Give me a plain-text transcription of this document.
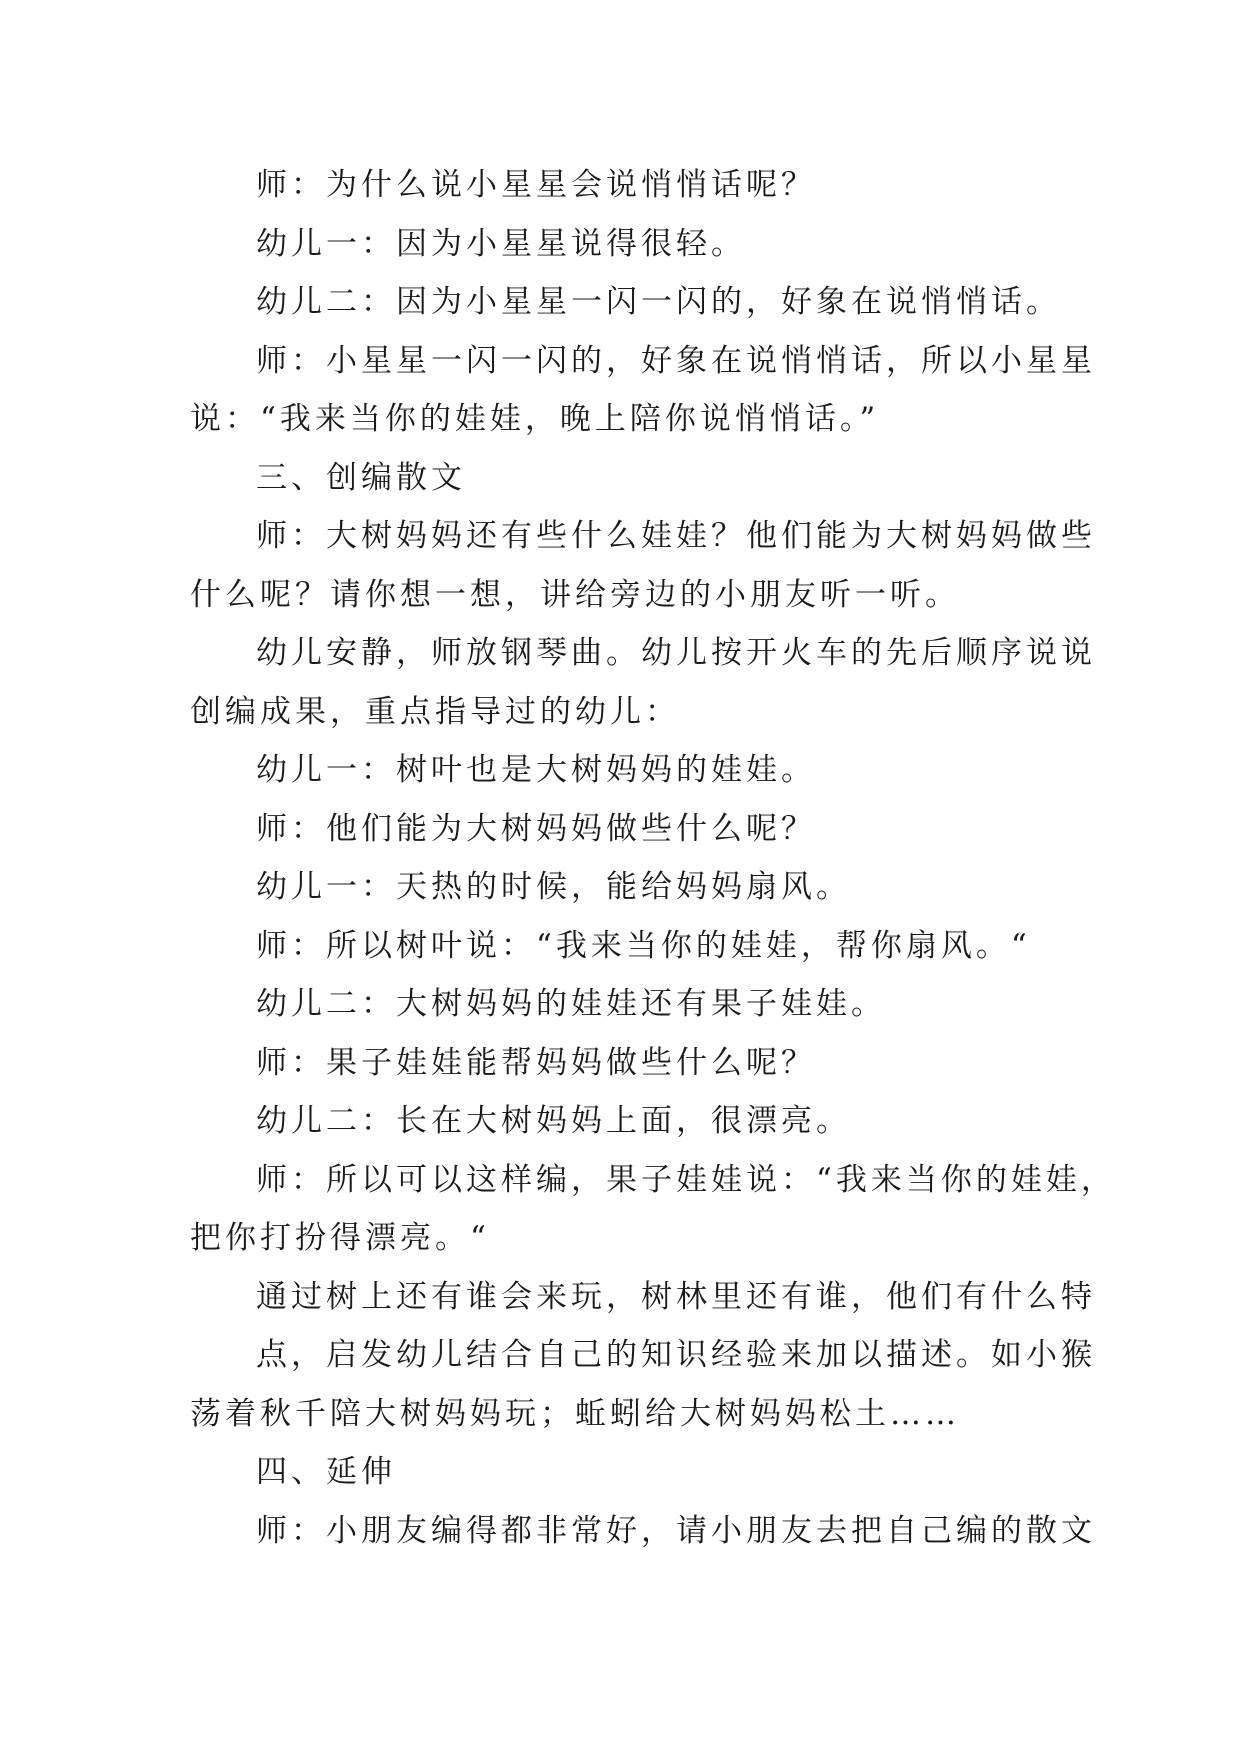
师：为什么说小星星会说悄悄话呢？
幼儿一：因为小星星说得很轻。
幼儿二：因为小星星一闪一闪的，好象在说悄悄话。
师：小星星一闪一闪的，好象在说悄悄话，所以小星星
说：“我来当你的娃娃，晚上陪你说悄悄话。”
三、创编散文
师：大树妈妈还有些什么娃娃？他们能为大树妈妈做些
什么呢？请你想一想，讲给旁边的小朋友听一听。
幼儿安静，师放钢琴曲。幼儿按开火车的先后顺序说说
创编成果，重点指导过的幼儿：
幼儿一：树叶也是大树妈妈的娃娃。
师：他们能为大树妈妈做些什么呢？
幼儿一：天热的时候，能给妈妈扇风。
师：所以树叶说：“我来当你的娃娃，帮你扇风。“
幼儿二：大树妈妈的娃娃还有果子娃娃。
师：果子娃娃能帮妈妈做些什么呢？
幼儿二：长在大树妈妈上面，很漂亮。
师：所以可以这样编，果子娃娃说：“我来当你的娃娃，
把你打扮得漂亮。“
通过树上还有谁会来玩，树林里还有谁，他们有什么特
点，启发幼儿结合自己的知识经验来加以描述。如小猴
荡着秋千陪大树妈妈玩；蚯蚓给大树妈妈松土……
四、延伸
师：小朋友编得都非常好，请小朋友去把自己编的散文
